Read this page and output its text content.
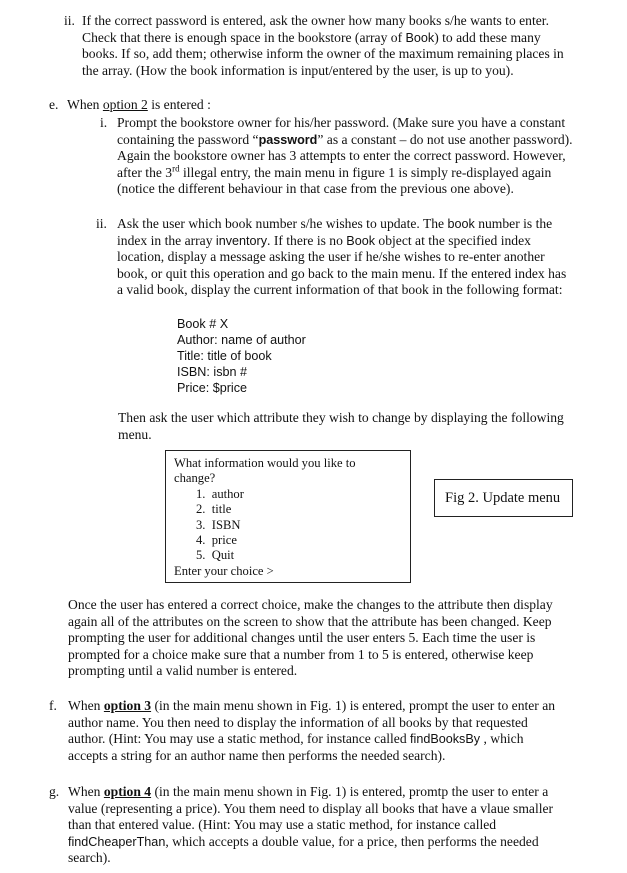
ii. If the correct password is entered, ask the owner how many books s/he wants to enter.
Check that there is enough space in the bookstore (array of Book) to add these many
books. If so, add them; otherwise inform the owner of the maximum remaining places in
the array. (How the book information is input/entered by the user, is up to you).
e. When option 2 is entered :
i. Prompt the bookstore owner for his/her password. (Make sure you have a constant
containing the password “password” as a constant – do not use another password).
Again the bookstore owner has 3 attempts to enter the correct password. However,
after the 3rd illegal entry, the main menu in figure 1 is simply re-displayed again
(notice the different behaviour in that case from the previous one above).
ii. Ask the user which book number s/he wishes to update. The book number is the
index in the array inventory. If there is no Book object at the specified index
location, display a message asking the user if he/she wishes to re-enter another
book, or quit this operation and go back to the main menu. If the entered index has
a valid book, display the current information of that book in the following format:
Book # X
Author: name of author
Title: title of book
ISBN: isbn #
Price: $price
Then ask the user which attribute they wish to change by displaying the following
menu.
What information would you like to
change?
1. author
2. title
3. ISBN
4. price
5. Quit
Enter your choice >
Fig 2. Update menu
Once the user has entered a correct choice, make the changes to the attribute then display
again all of the attributes on the screen to show that the attribute has been changed. Keep
prompting the user for additional changes until the user enters 5. Each time the user is
prompted for a choice make sure that a number from 1 to 5 is entered, otherwise keep
prompting until a valid number is entered.
f. When option 3 (in the main menu shown in Fig. 1) is entered, prompt the user to enter an
author name. You then need to display the information of all books by that requested
author. (Hint: You may use a static method, for instance called findBooksBy , which
accepts a string for an author name then performs the needed search).
g. When option 4 (in the main menu shown in Fig. 1) is entered, promtp the user to enter a
value (representing a price). You them need to display all books that have a vlaue smaller
than that entered value. (Hint: You may use a static method, for instance called
findCheaperThan, which accepts a double value, for a price, then performs the needed
search).
